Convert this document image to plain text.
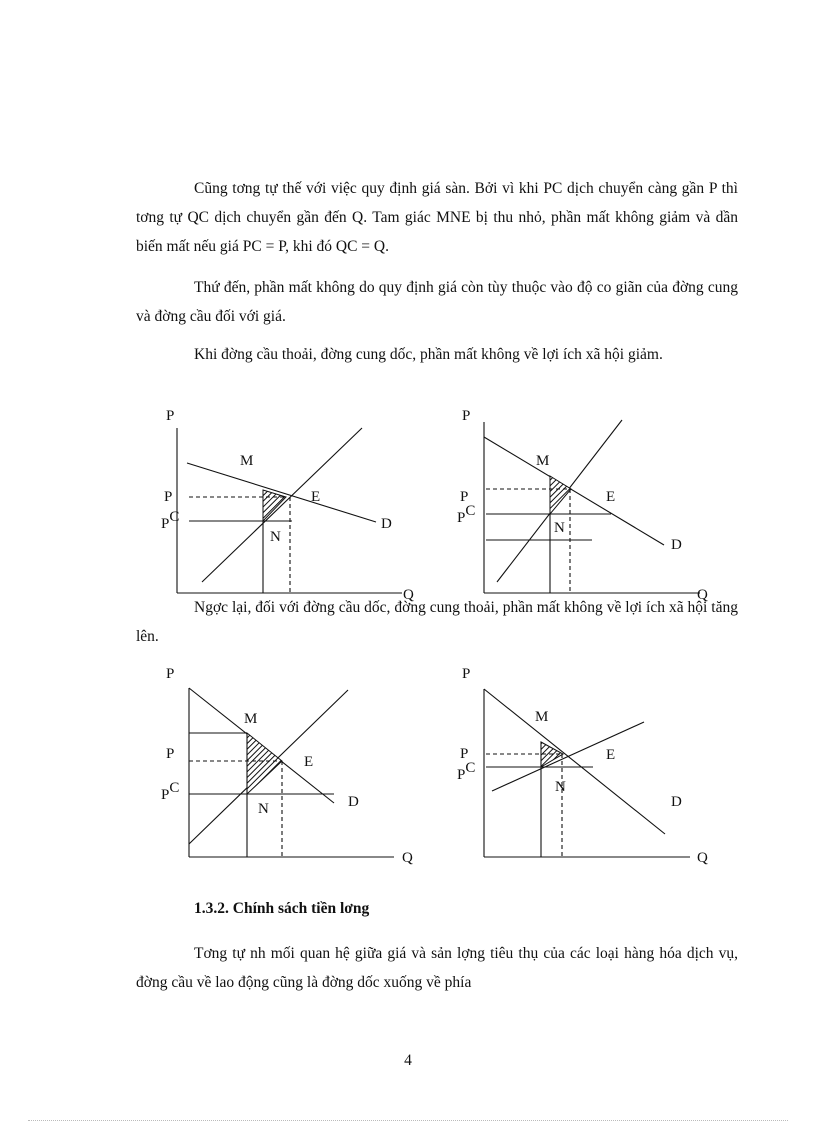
Cũng tơng tự thế với việc quy định giá sàn. Bởi vì khi PC dịch chuyển càng gần P thì tơng tự QC dịch chuyển gần đến Q. Tam giác MNE bị thu nhỏ, phần mất không giảm và dần biến mất nếu giá PC = P, khi đó QC = Q.

Thứ đến, phần mất không do quy định giá còn tùy thuộc vào độ co giãn của đờng cung và đờng cầu đối với giá.

Khi đờng cầu thoải, đờng cung dốc, phần mất không về lợi ích xã hội giảm.

P
M
P	E
PC	D
N
Q
P
M
P	E
PC
N
D
Q

Ngợc lại, đối với đờng cầu dốc, đờng cung thoải, phần mất không về lợi ích xã hội tăng lên.

P
M
P	E
PC
D
N
Q
P
M
P	E
PC
N
D
Q

1.3.2. Chính sách tiền lơng

Tơng tự nh mối quan hệ giữa giá và sản lợng tiêu thụ của các loại hàng hóa dịch vụ, đờng cầu về lao động cũng là đờng dốc xuống về phía

4
